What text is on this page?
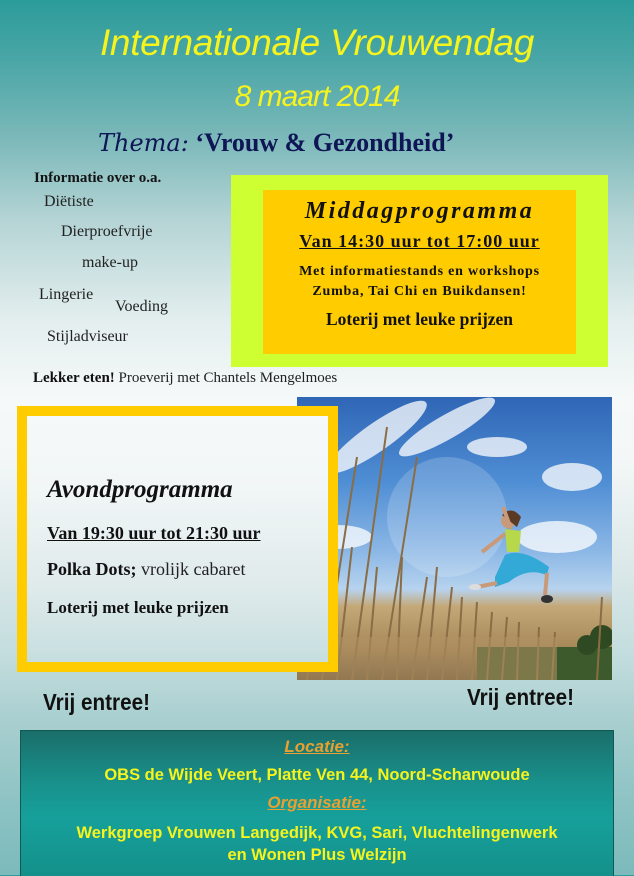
Internationale Vrouwendag
8 maart 2014
Thema: ‘Vrouw & Gezondheid’
Informatie over o.a.
Diëtiste
Dierproefvrije
make-up
Lingerie
Voeding
Stijladviseur
Middagprogramma
Van 14:30 uur tot 17:00 uur
Met informatiestands en workshops
Zumba, Tai Chi en Buikdansen!
Loterij met leuke prijzen
Lekker eten! Proeverij met Chantels Mengelmoes
Avondprogramma
Van 19:30 uur tot 21:30 uur
Polka Dots; vrolijk cabaret
Loterij met leuke prijzen
Vrij entree!	Vrij entree!
Locatie:
OBS de Wijde Veert, Platte Ven 44, Noord-Scharwoude
Organisatie:
Werkgroep Vrouwen Langedijk, KVG, Sari, Vluchtelingenwerk
en Wonen Plus Welzijn
